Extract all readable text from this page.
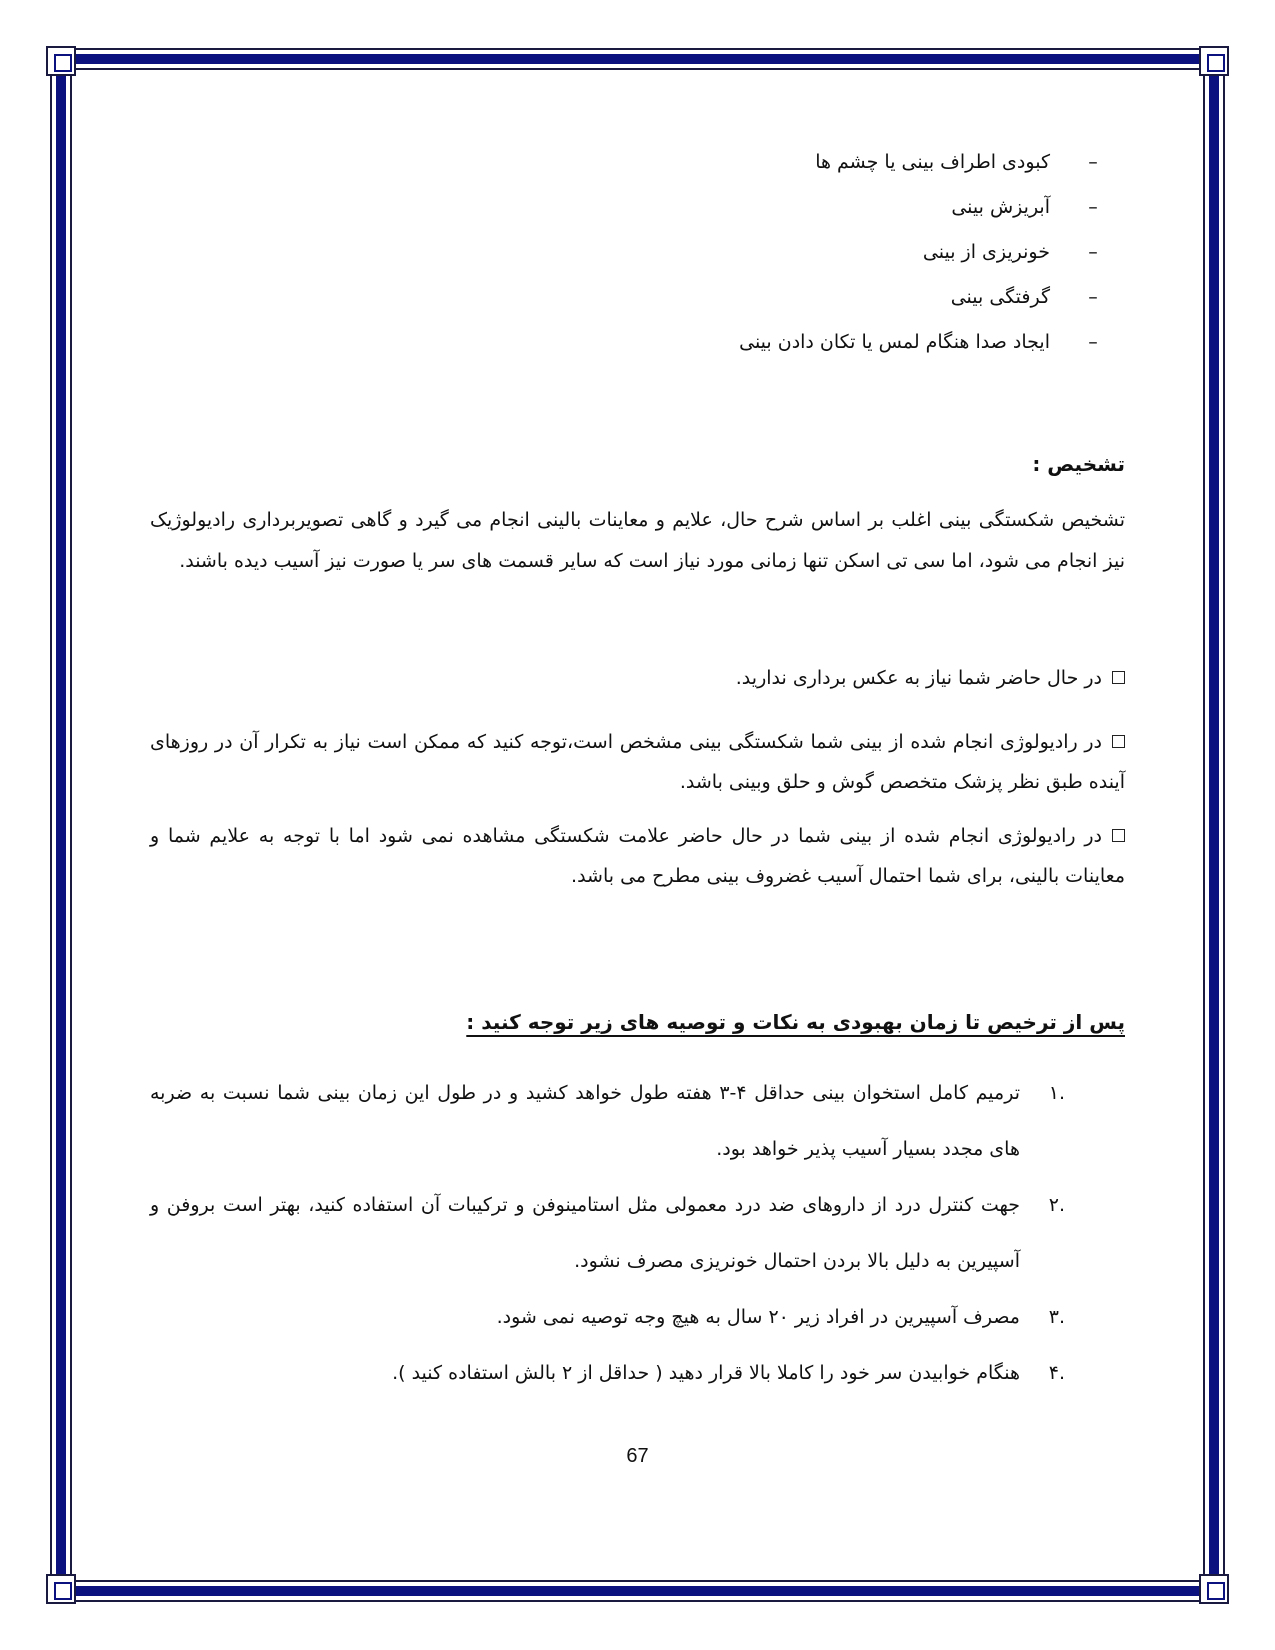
–
کبودی اطراف بینی یا چشم ها
–
آبریزش بینی
–
خونریزی از بینی
–
گرفتگی بینی
–
ایجاد صدا هنگام لمس یا تکان دادن بینی
تشخیص :

تشخیص شکستگی بینی اغلب بر اساس شرح حال، علایم و معاینات بالینی انجام می گیرد و گاهی تصویربرداری رادیولوژیک نیز انجام می شود، اما سی تی اسکن تنها زمانی مورد نیاز است که سایر قسمت های سر یا صورت نیز آسیب دیده باشند.

در حال حاضر شما نیاز به عکس برداری ندارید.

در رادیولوژی انجام شده از بینی شما شکستگی بینی مشخص است،توجه کنید که ممکن است نیاز به تکرار آن در روزهای آینده طبق نظر پزشک متخصص گوش و حلق وبینی باشد.

در رادیولوژی انجام شده از بینی شما در حال حاضر علامت شکستگی مشاهده نمی شود اما با توجه به علایم شما و معاینات بالینی، برای شما احتمال آسیب غضروف بینی مطرح می باشد.

پس از ترخیص تا زمان بهبودی به نکات و توصیه های زیر توجه کنید :
.۱
ترمیم کامل استخوان بینی حداقل ۴-۳ هفته طول خواهد کشید و در طول این زمان بینی شما نسبت به ضربه های مجدد بسیار آسیب پذیر خواهد بود.
.۲
جهت کنترل درد از داروهای ضد درد معمولی مثل استامینوفن و ترکیبات آن استفاده کنید، بهتر است بروفن و آسپیرین به دلیل بالا بردن احتمال خونریزی مصرف نشود.
.۳
مصرف آسپیرین در افراد زیر ۲۰ سال به هیچ وجه توصیه نمی شود.
.۴
هنگام خوابیدن سر خود را کاملا بالا قرار دهید ( حداقل از ۲ بالش استفاده کنید ).
67
